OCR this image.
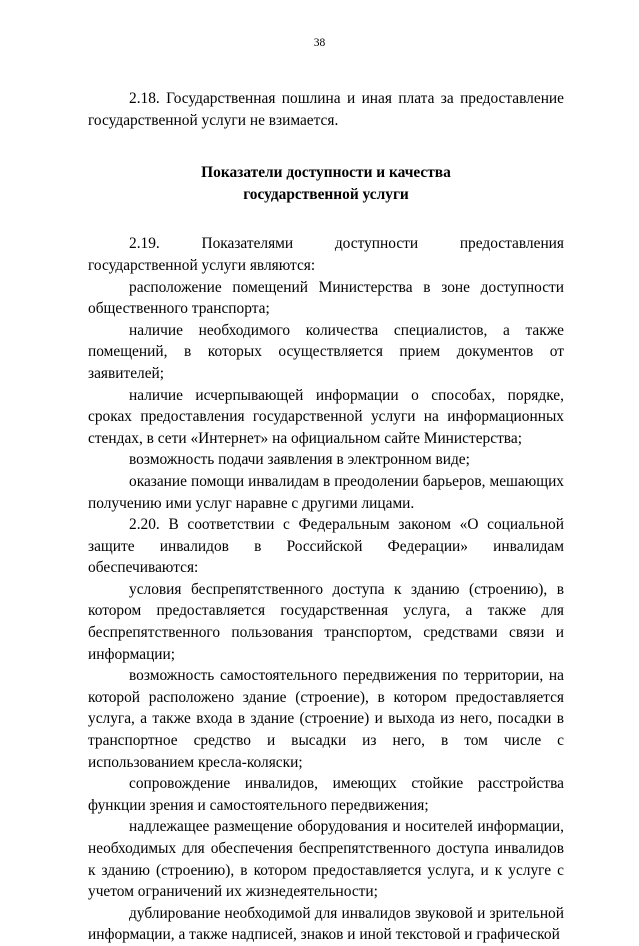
38

2.18. Государственная пошлина и иная плата за предоставление государственной услуги не взимается.

Показатели доступности и качества
государственной услуги

2.19. Показателями доступности предоставления государственной услуги являются:

расположение помещений Министерства в зоне доступности общественного транспорта;

наличие необходимого количества специалистов, а также помещений, в которых осуществляется прием документов от заявителей;

наличие исчерпывающей информации о способах, порядке, сроках предоставления государственной услуги на информационных стендах, в сети «Интернет» на официальном сайте Министерства;

возможность подачи заявления в электронном виде;

оказание помощи инвалидам в преодолении барьеров, мешающих получению ими услуг наравне с другими лицами.

2.20. В соответствии с Федеральным законом «О социальной защите инвалидов в Российской Федерации» инвалидам обеспечиваются:

условия беспрепятственного доступа к зданию (строению), в котором предоставляется государственная услуга, а также для беспрепятственного пользования транспортом, средствами связи и информации;

возможность самостоятельного передвижения по территории, на которой расположено здание (строение), в котором предоставляется услуга, а также входа в здание (строение) и выхода из него, посадки в транспортное средство и высадки из него, в том числе с использованием кресла-коляски;

сопровождение инвалидов, имеющих стойкие расстройства функции зрения и самостоятельного передвижения;

надлежащее размещение оборудования и носителей информации, необходимых для обеспечения беспрепятственного доступа инвалидов к зданию (строению), в котором предоставляется услуга, и к услуге с учетом ограничений их жизнедеятельности;

дублирование необходимой для инвалидов звуковой и зрительной информации, а также надписей, знаков и иной текстовой и графической
